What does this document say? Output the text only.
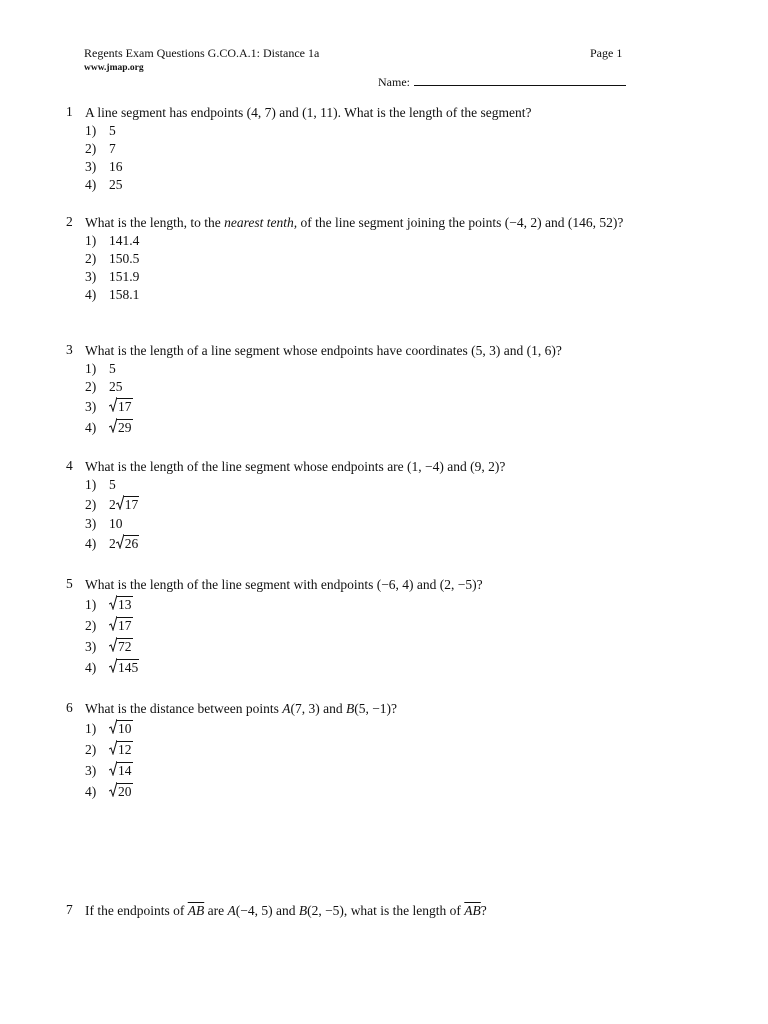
Regents Exam Questions G.CO.A.1: Distance 1a	Page 1
www.jmap.org
Name:
1 A line segment has endpoints (4, 7) and (1, 11). What is the length of the segment?
1) 5
2) 7
3) 16
4) 25
2 What is the length, to the nearest tenth, of the line segment joining the points (−4, 2) and (146, 52)?
1) 141.4
2) 150.5
3) 151.9
4) 158.1
3 What is the length of a line segment whose endpoints have coordinates (5, 3) and (1, 6)?
1) 5
2) 25
3) 17
4) 29
4 What is the length of the line segment whose endpoints are (1, −4) and (9, 2)?
1) 5
2) 2 17
3) 10
4) 2 26
5 What is the length of the line segment with endpoints (−6, 4) and (2, −5)?
1) 13
2) 17
3) 72
4) 145
6 What is the distance between points A(7, 3) and B(5, −1)?
1) 10
2) 12
3) 14
4) 20
7 If the endpoints of $\overline{AB}$ are A(−4, 5) and B(2, −5), what is the length of $\overline{AB}$?
